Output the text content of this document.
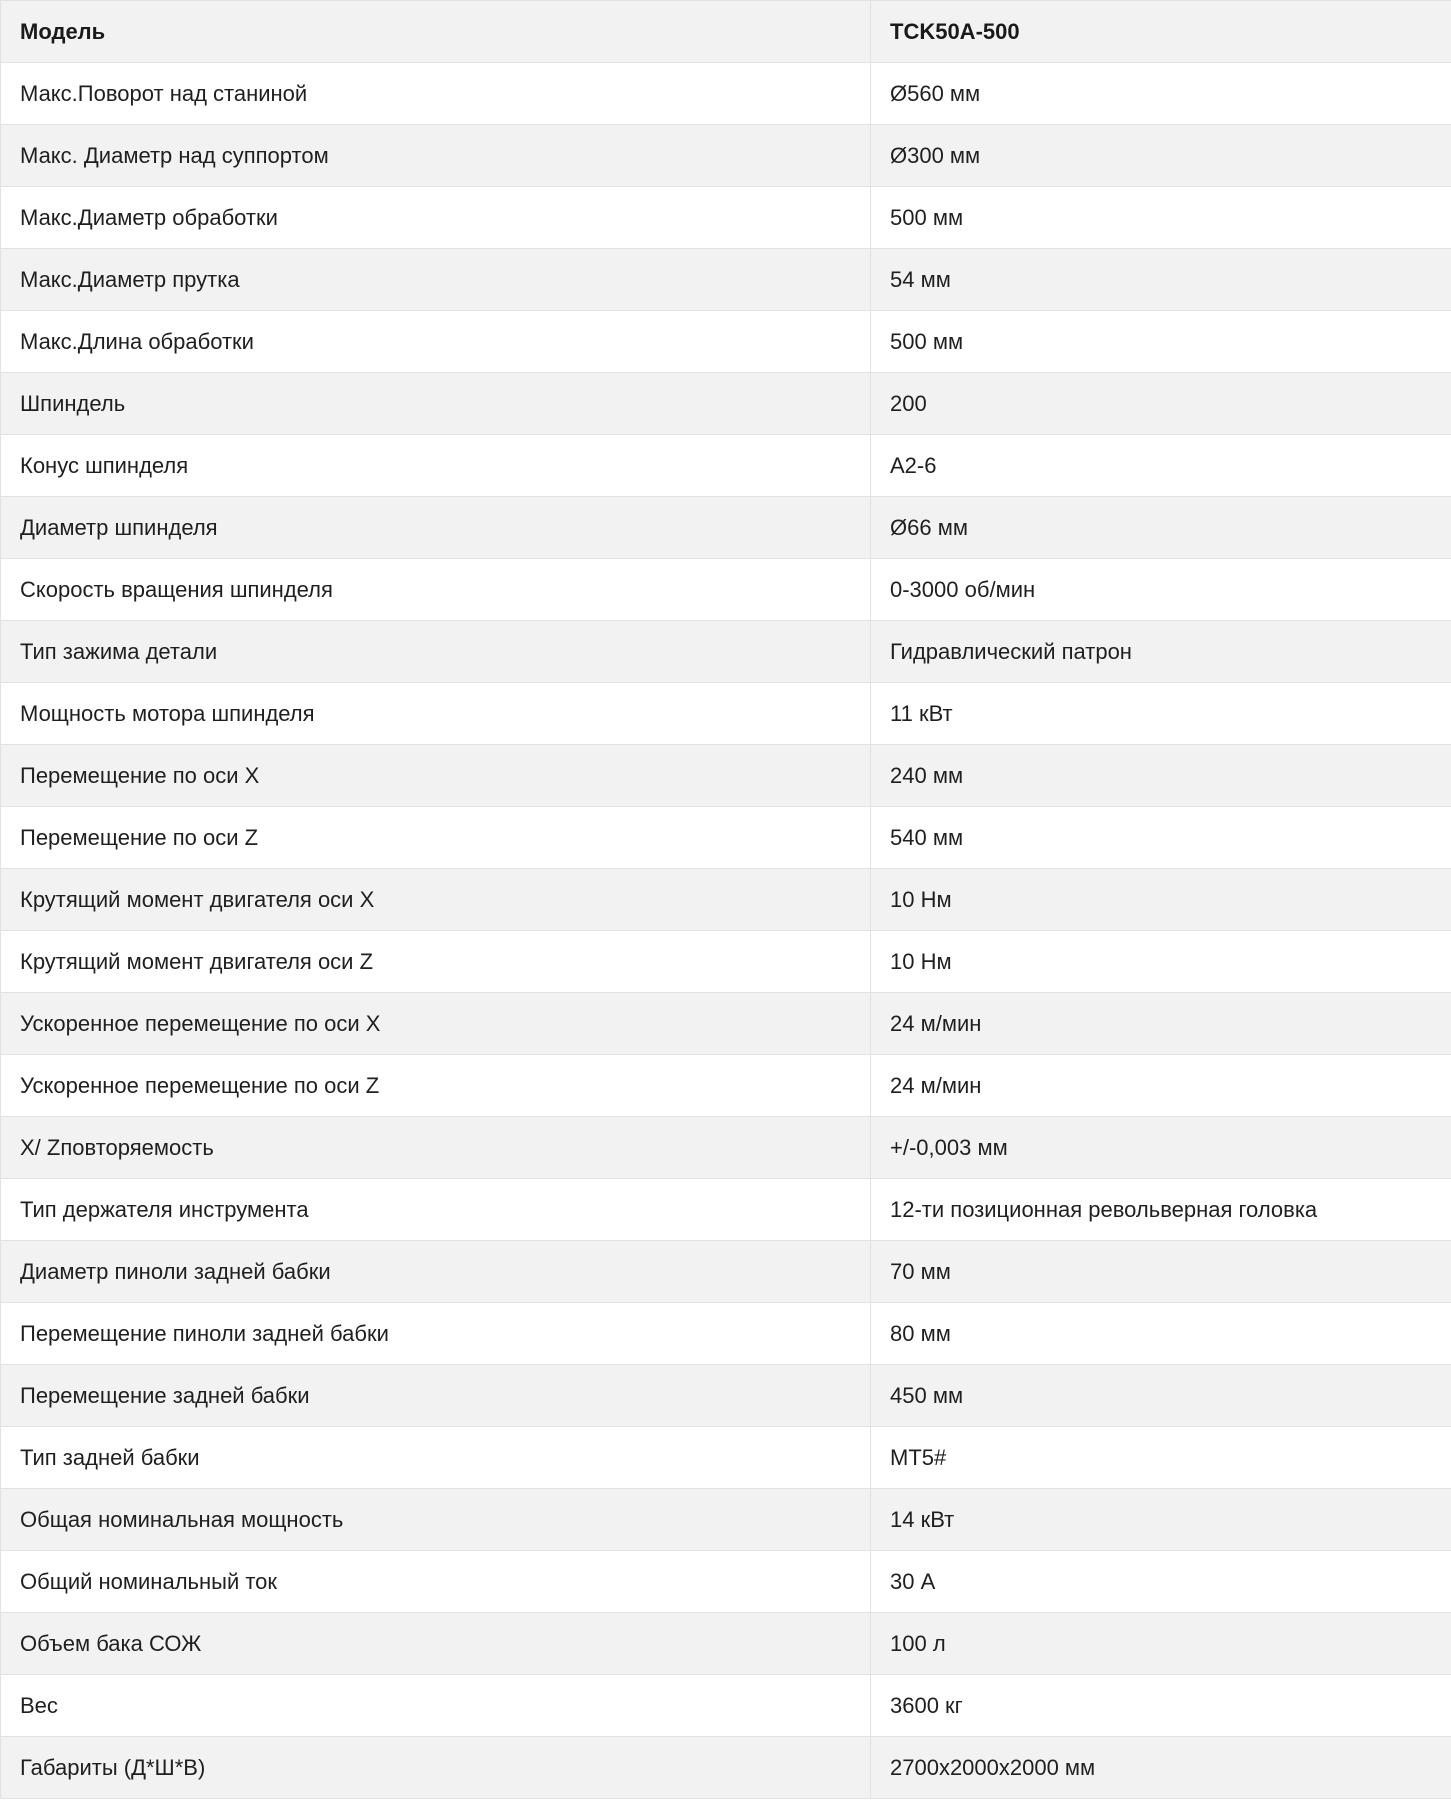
Модель	TCK50A-500
Макс.Поворот над станиной	Ø560 мм
Макс. Диаметр над суппортом	Ø300 мм
Макс.Диаметр обработки	500 мм
Макс.Диаметр прутка	54 мм
Макс.Длина обработки	500 мм
Шпиндель	200
Конус шпинделя	A2-6
Диаметр шпинделя	Ø66 мм
Скорость вращения шпинделя	0-3000 об/мин
Тип зажима детали	Гидравлический патрон
Мощность мотора шпинделя	11 кВт
Перемещение по оси X	240 мм
Перемещение по оси Z	540 мм
Крутящий момент двигателя оси X	10 Нм
Крутящий момент двигателя оси Z	10 Нм
Ускоренное перемещение по оси X	24 м/мин
Ускоренное перемещение по оси Z	24 м/мин
X/ Zповторяемость	+/-0,003 мм
Тип держателя инструмента	12-ти позиционная револьверная головка
Диаметр пиноли задней бабки	70 мм
Перемещение пиноли задней бабки	80 мм
Перемещение задней бабки	450 мм
Тип задней бабки	MT5#
Общая номинальная мощность	14 кВт
Общий номинальный ток	30 А
Объем бака СОЖ	100 л
Вес	3600 кг
Габариты (Д*Ш*В)	2700x2000x2000 мм
